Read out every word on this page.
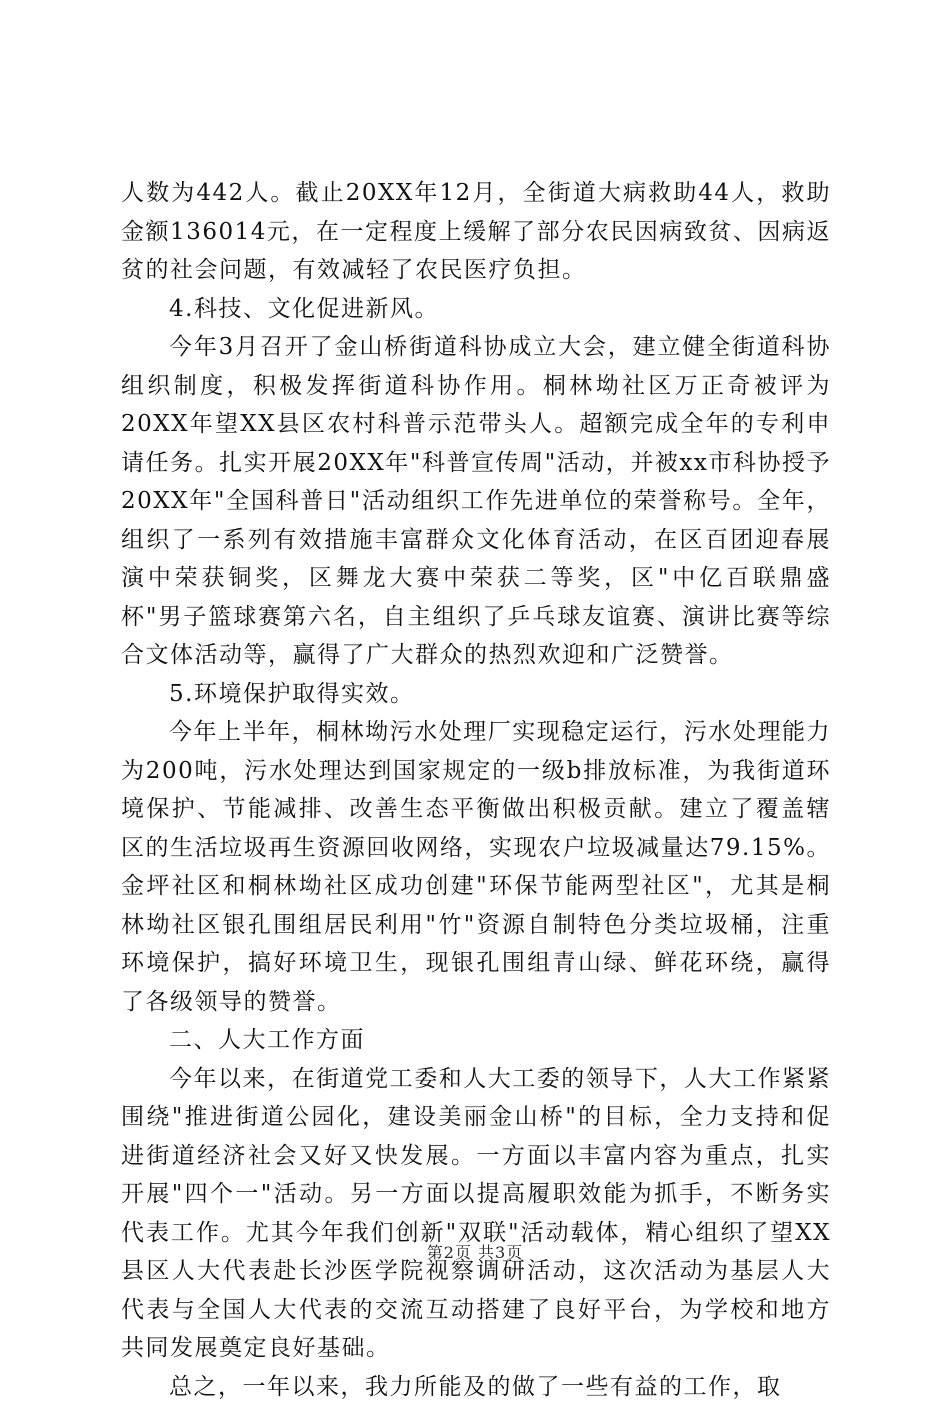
人数为442人。截止20XX年12月，全街道大病救助44人，救助金额136014元，在一定程度上缓解了部分农民因病致贫、因病返贫的社会问题，有效减轻了农民医疗负担。

4.科技、文化促进新风。

今年3月召开了金山桥街道科协成立大会，建立健全街道科协组织制度，积极发挥街道科协作用。桐林坳社区万正奇被评为20XX年望XX县区农村科普示范带头人。超额完成全年的专利申请任务。扎实开展20XX年"科普宣传周"活动，并被xx市科协授予20XX年"全国科普日"活动组织工作先进单位的荣誉称号。全年，组织了一系列有效措施丰富群众文化体育活动，在区百团迎春展演中荣获铜奖，区舞龙大赛中荣获二等奖，区"中亿百联鼎盛杯"男子篮球赛第六名，自主组织了乒乓球友谊赛、演讲比赛等综合文体活动等，赢得了广大群众的热烈欢迎和广泛赞誉。

5.环境保护取得实效。

今年上半年，桐林坳污水处理厂实现稳定运行，污水处理能力为200吨，污水处理达到国家规定的一级b排放标准，为我街道环境保护、节能减排、改善生态平衡做出积极贡献。建立了覆盖辖区的生活垃圾再生资源回收网络，实现农户垃圾减量达79.15%。金坪社区和桐林坳社区成功创建"环保节能两型社区"，尤其是桐林坳社区银孔围组居民利用"竹"资源自制特色分类垃圾桶，注重环境保护，搞好环境卫生，现银孔围组青山绿、鲜花环绕，赢得了各级领导的赞誉。

二、人大工作方面

今年以来，在街道党工委和人大工委的领导下，人大工作紧紧围绕"推进街道公园化，建设美丽金山桥"的目标，全力支持和促进街道经济社会又好又快发展。一方面以丰富内容为重点，扎实开展"四个一"活动。另一方面以提高履职效能为抓手，不断务实代表工作。尤其今年我们创新"双联"活动载体，精心组织了望XX县区人大代表赴长沙医学院视察调研活动，这次活动为基层人大代表与全国人大代表的交流互动搭建了良好平台，为学校和地方共同发展奠定良好基础。

总之，一年以来，我力所能及的做了一些有益的工作，取

第2页 共3页
